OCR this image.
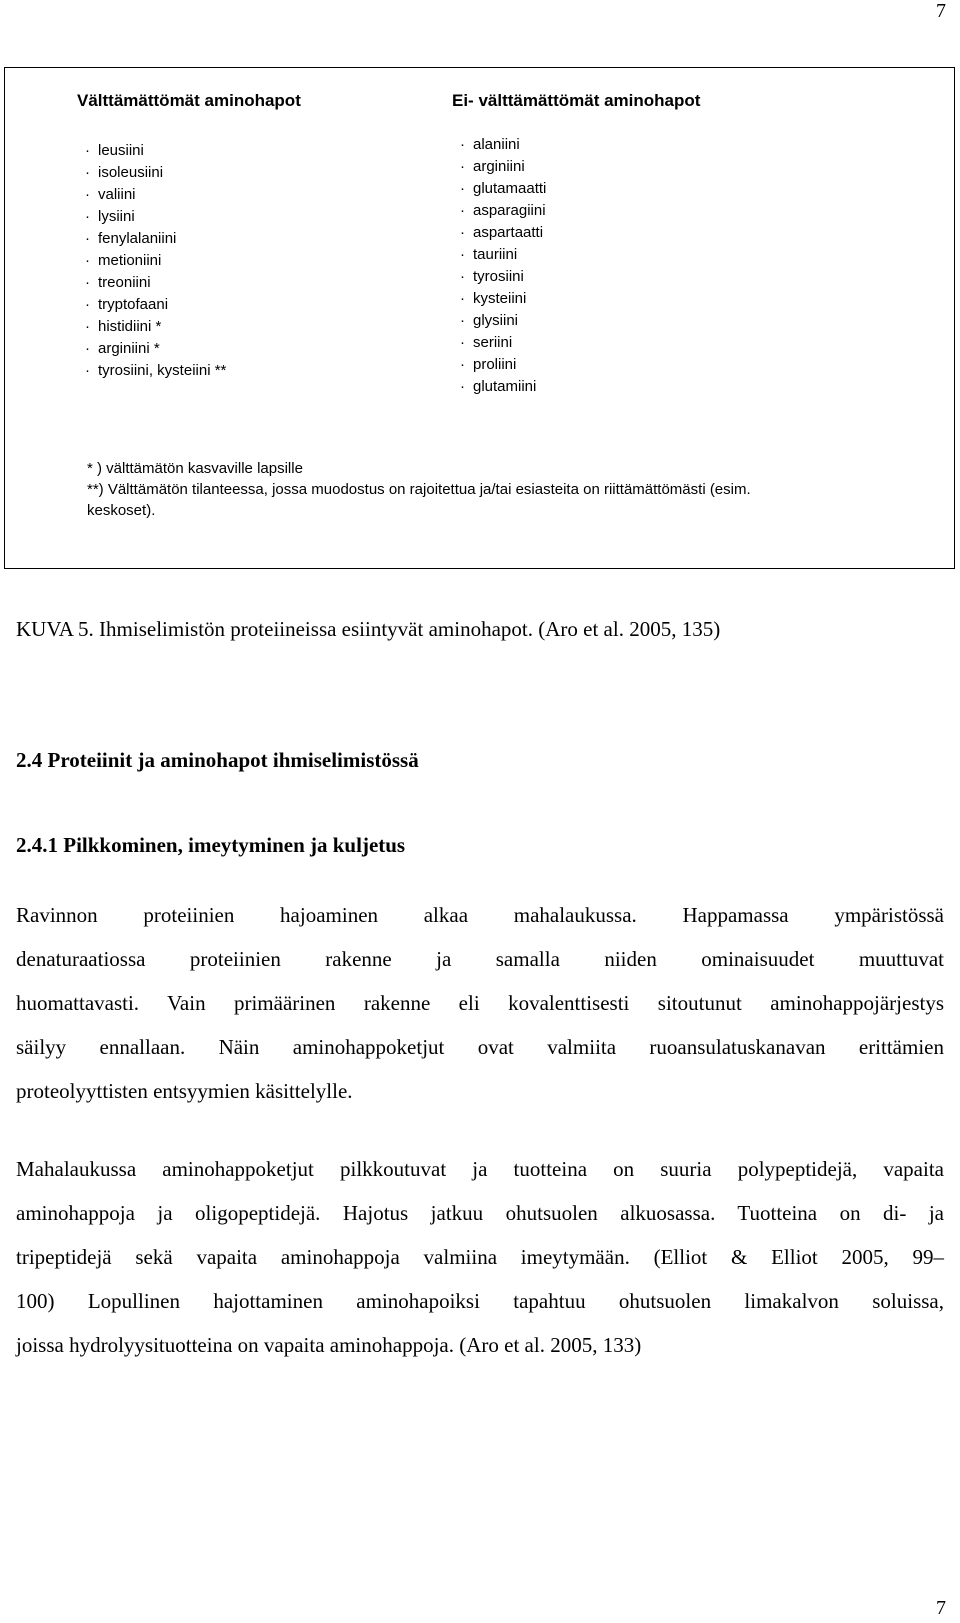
7
Välttämättömät aminohapot
· leusiini
· isoleusiini
· valiini
· lysiini
· fenylalaniini
· metioniini
· treoniini
· tryptofaani
· histidiini *
· arginiini *
· tyrosiini, kysteiini **
Ei- välttämättömät aminohapot
· alaniini
· arginiini
· glutamaatti
· asparagiini
· aspartaatti
· tauriini
· tyrosiini
· kysteiini
· glysiini
· seriini
· proliini
· glutamiini
* ) välttämätön kasvaville lapsille
**) Välttämätön tilanteessa, jossa muodostus on rajoitettua ja/tai esiasteita on riittämättömästi (esim.
keskoset).
KUVA 5. Ihmiselimistön proteiineissa esiintyvät aminohapot. (Aro et al. 2005, 135)
2.4 Proteiinit ja aminohapot ihmiselimistössä
2.4.1 Pilkkominen, imeytyminen ja kuljetus
Ravinnon proteiinien hajoaminen alkaa mahalaukussa. Happamassa ympäristössä
denaturaatiossa proteiinien rakenne ja samalla niiden ominaisuudet muuttuvat
huomattavasti. Vain primäärinen rakenne eli kovalenttisesti sitoutunut aminohappojärjestys
säilyy ennallaan. Näin aminohappoketjut ovat valmiita ruoansulatuskanavan erittämien
proteolyyttisten entsyymien käsittelylle.
Mahalaukussa aminohappoketjut pilkkoutuvat ja tuotteina on suuria polypeptidejä, vapaita
aminohappoja ja oligopeptidejä. Hajotus jatkuu ohutsuolen alkuosassa. Tuotteina on di- ja
tripeptidejä sekä vapaita aminohappoja valmiina imeytymään. (Elliot & Elliot 2005, 99–
100) Lopullinen hajottaminen aminohapoiksi tapahtuu ohutsuolen limakalvon soluissa,
joissa hydrolyysituotteina on vapaita aminohappoja. (Aro et al. 2005, 133)
7
